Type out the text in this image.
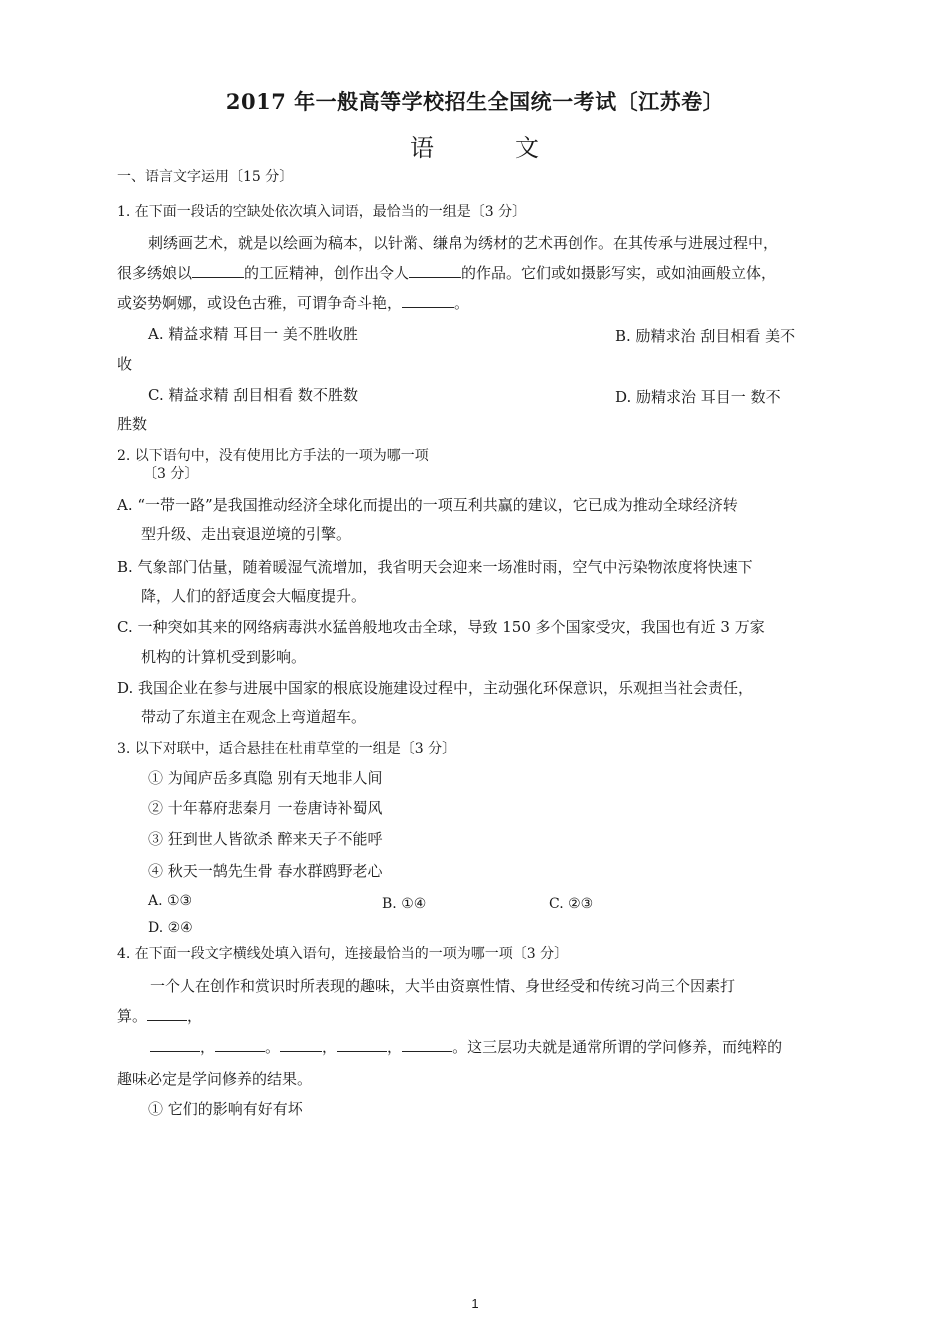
2017 年一般高等学校招生全国统一考试〔江苏卷〕
语	文
一、语言文字运用〔15 分〕
1. 在下面一段话的空缺处依次填入词语，最恰当的一组是〔3 分〕
刺绣画艺术，就是以绘画为稿本，以针黹、缣帛为绣材的艺术再创作。在其传承与进展过程中，
很多绣娘以	的工匠精神，创作出令人	的作品。它们或如摄影写实，或如油画般立体，
或姿势婀娜，或设色古雅，可谓争奇斗艳，	。
A. 精益求精 耳目一 美不胜收胜	B. 励精求治 刮目相看 美不
收
C. 精益求精 刮目相看 数不胜数	D. 励精求治 耳目一 数不
胜数
2. 以下语句中，没有使用比方手法的一项为哪一项
〔3 分〕
A. “一带一路”是我国推动经济全球化而提出的一项互利共赢的建议，它已成为推动全球经济转
型升级、走出衰退逆境的引擎。
B. 气象部门估量，随着暖湿气流增加，我省明天会迎来一场准时雨，空气中污染物浓度将快速下
降，人们的舒适度会大幅度提升。
C. 一种突如其来的网络病毒洪水猛兽般地攻击全球，导致 150 多个国家受灾，我国也有近 3 万家
机构的计算机受到影响。
D. 我国企业在参与进展中国家的根底设施建设过程中，主动强化环保意识，乐观担当社会责任，
带动了东道主在观念上弯道超车。
3. 以下对联中，适合悬挂在杜甫草堂的一组是〔3 分〕
① 为闻庐岳多真隐 别有天地非人间
② 十年幕府悲秦月 一卷唐诗补蜀风
③ 狂到世人皆欲杀 醉来天子不能呼
④ 秋天一鹄先生骨 春水群鸥野老心
A. ①③	B. ①④	C. ②③
D. ②④
4. 在下面一段文字横线处填入语句，连接最恰当的一项为哪一项〔3 分〕
一个人在创作和赏识时所表现的趣味，大半由资禀性情、身世经受和传统习尚三个因素打
算。	，
，	。	，	，	。这三层功夫就是通常所谓的学问修养，而纯粹的
趣味必定是学问修养的结果。
① 它们的影响有好有坏
1
